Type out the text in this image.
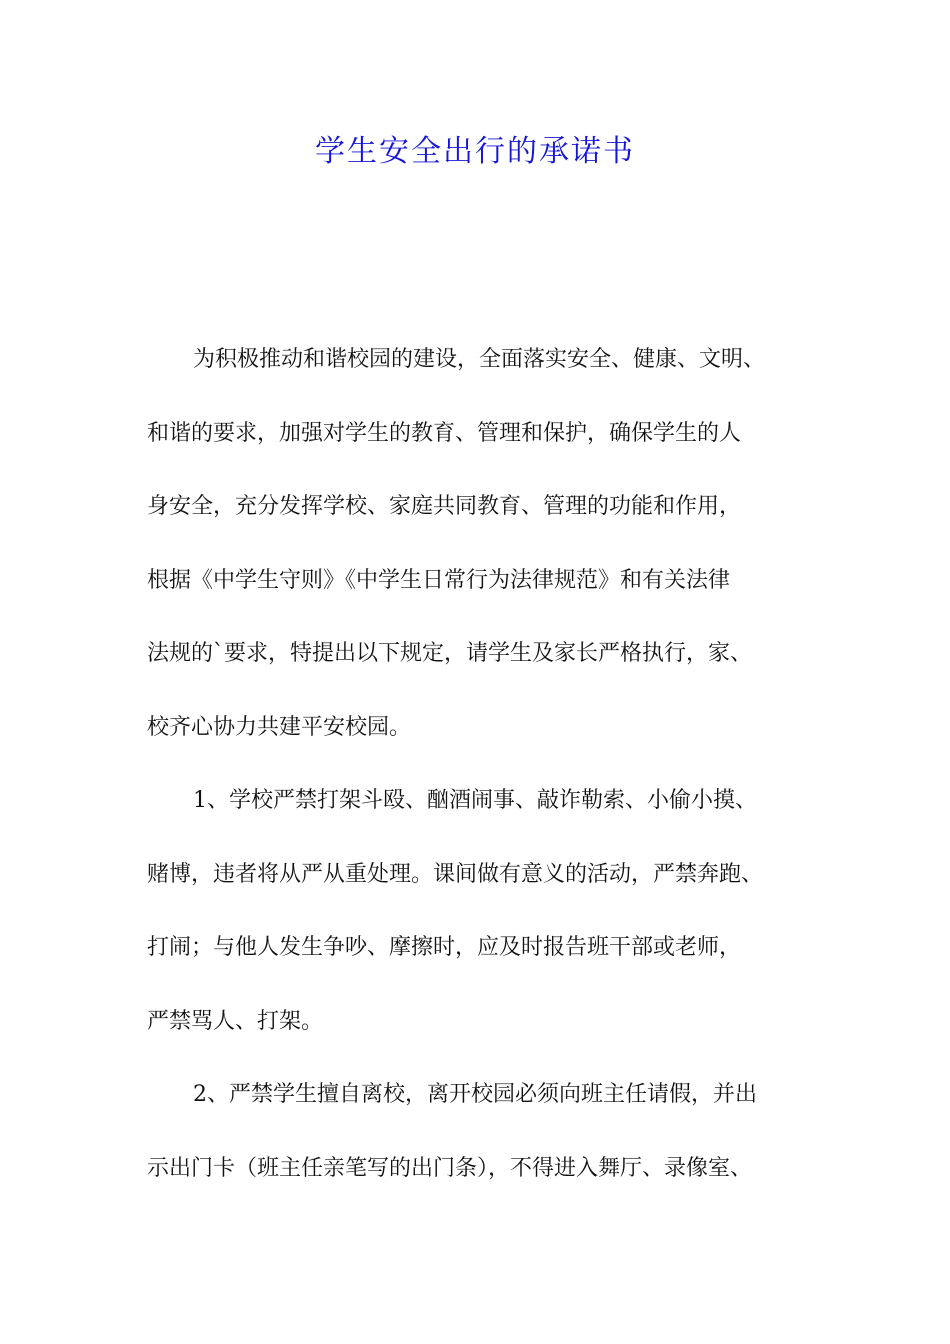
学生安全出行的承诺书
为积极推动和谐校园的建设，全面落实安全、健康、文明、
和谐的要求，加强对学生的教育、管理和保护，确保学生的人
身安全，充分发挥学校、家庭共同教育、管理的功能和作用，
根据《中学生守则》《中学生日常行为法律规范》和有关法律
法规的`要求，特提出以下规定，请学生及家长严格执行，家、
校齐心协力共建平安校园。
1、学校严禁打架斗殴、酗酒闹事、敲诈勒索、小偷小摸、
赌博，违者将从严从重处理。课间做有意义的活动，严禁奔跑、
打闹；与他人发生争吵、摩擦时，应及时报告班干部或老师，
严禁骂人、打架。
2、严禁学生擅自离校，离开校园必须向班主任请假，并出
示出门卡（班主任亲笔写的出门条），不得进入舞厅、录像室、
